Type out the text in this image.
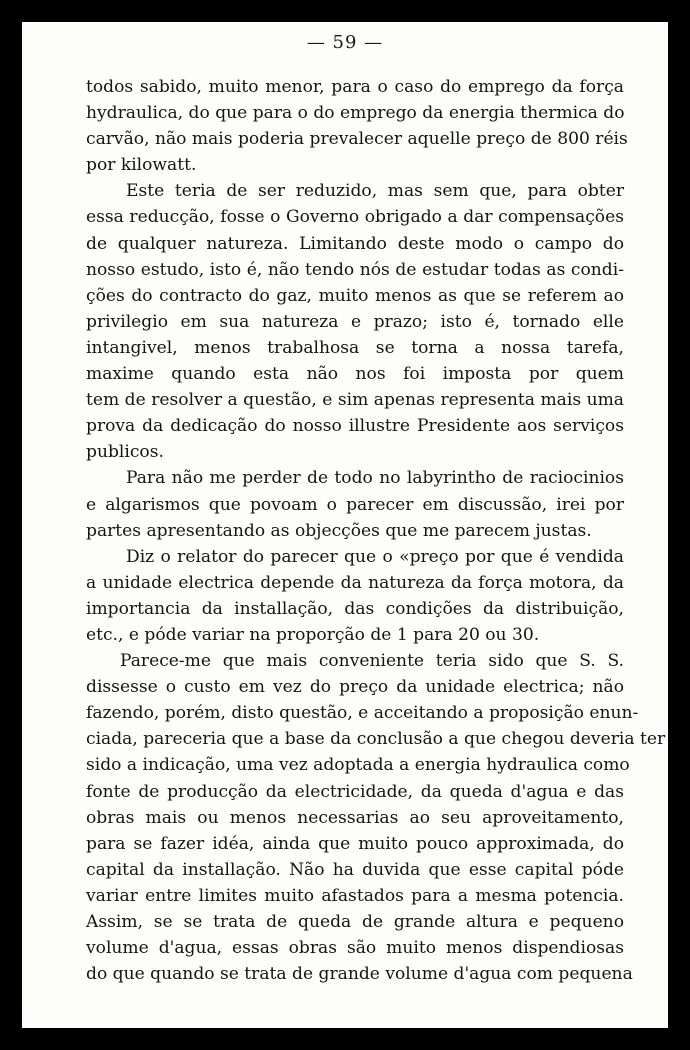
— 59 —
todos sabido, muito menor, para o caso do emprego da força
hydraulica, do que para o do emprego da energia thermica do
carvão, não mais poderia prevalecer aquelle preço de 800 réis
por kilowatt.
Este teria de ser reduzido, mas sem que, para obter
essa reducção, fosse o Governo obrigado a dar compensações
de qualquer natureza. Limitando deste modo o campo do
nosso estudo, isto é, não tendo nós de estudar todas as condi-
ções do contracto do gaz, muito menos as que se referem ao
privilegio em sua natureza e prazo; isto é, tornado elle
intangivel, menos trabalhosa se torna a nossa tarefa,
maxime quando esta não nos foi imposta por quem
tem de resolver a questão, e sim apenas representa mais uma
prova da dedicação do nosso illustre Presidente aos serviços
publicos.
Para não me perder de todo no labyrintho de raciocinios
e algarismos que povoam o parecer em discussão, irei por
partes apresentando as objecções que me parecem justas.
Diz o relator do parecer que o «preço por que é vendida
a unidade electrica depende da natureza da força motora, da
importancia da installação, das condições da distribuição,
etc., e póde variar na proporção de 1 para 20 ou 30.
Parece-me que mais conveniente teria sido que S. S.
dissesse o custo em vez do preço da unidade electrica; não
fazendo, porém, disto questão, e acceitando a proposição enun-
ciada, pareceria que a base da conclusão a que chegou deveria ter
sido a indicação, uma vez adoptada a energia hydraulica como
fonte de producção da electricidade, da queda d'agua e das
obras mais ou menos necessarias ao seu aproveitamento,
para se fazer idéa, ainda que muito pouco approximada, do
capital da installação. Não ha duvida que esse capital póde
variar entre limites muito afastados para a mesma potencia.
Assim, se se trata de queda de grande altura e pequeno
volume d'agua, essas obras são muito menos dispendiosas
do que quando se trata de grande volume d'agua com pequena
